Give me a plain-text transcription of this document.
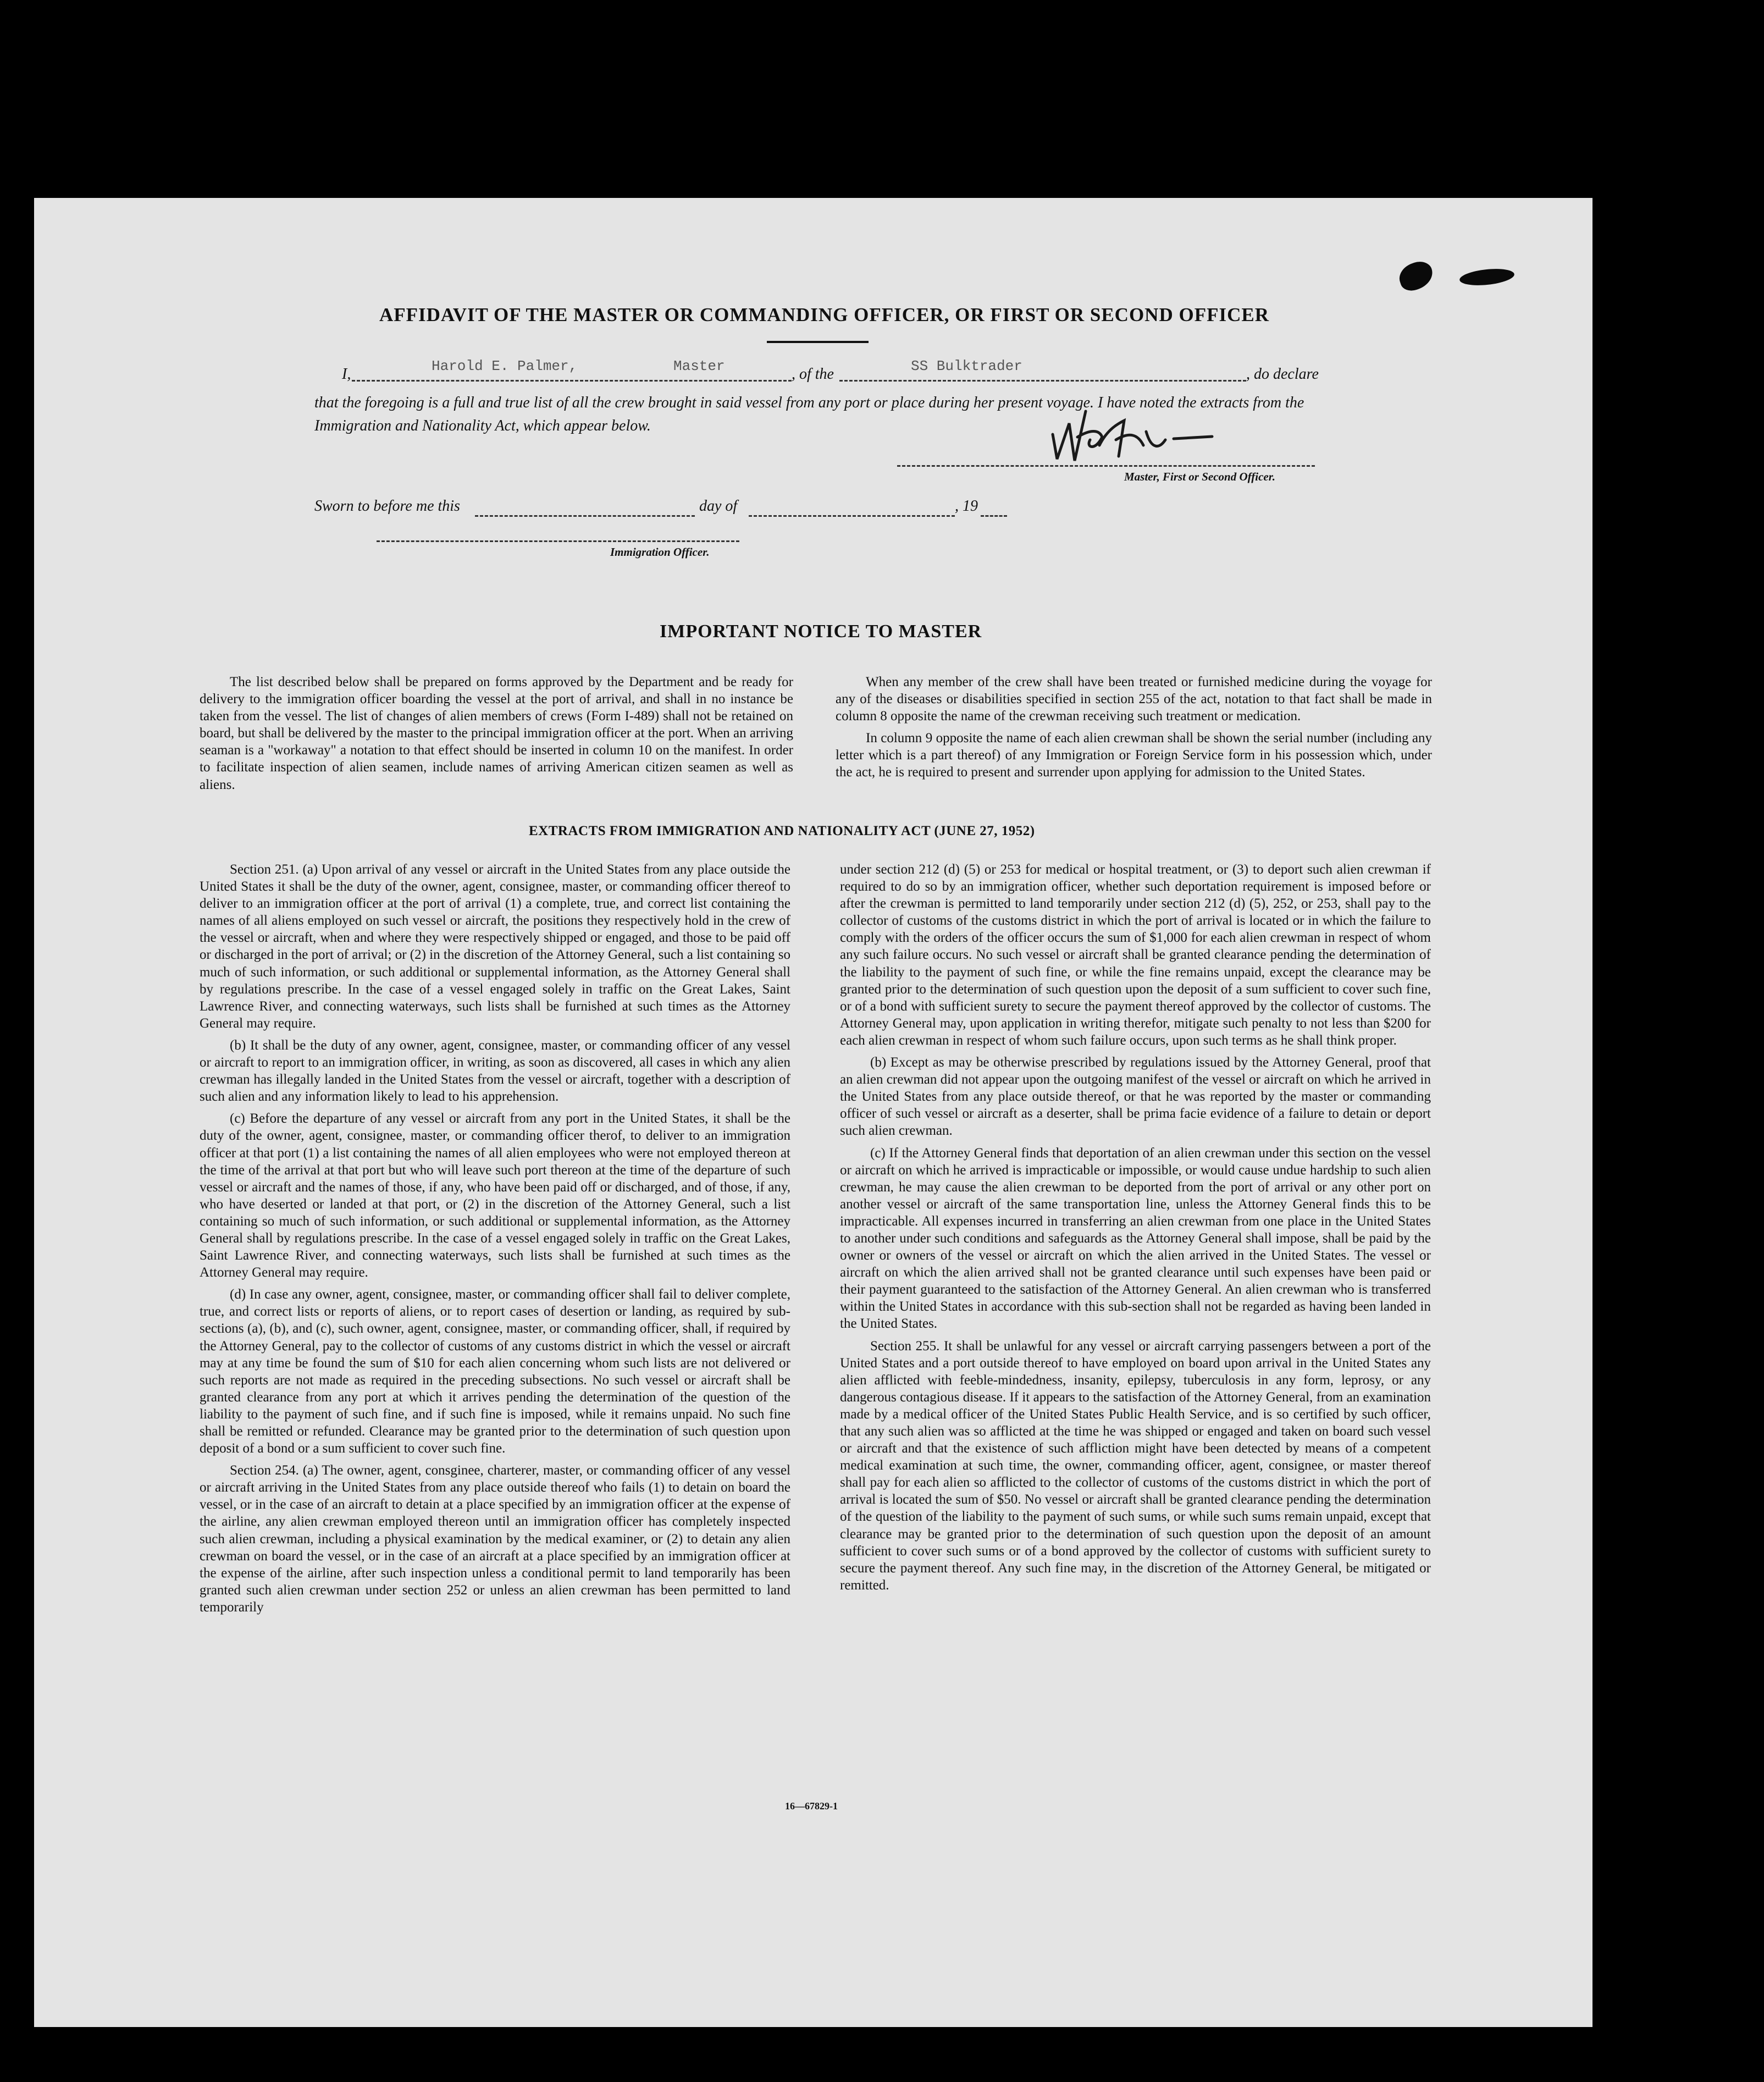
AFFIDAVIT OF THE MASTER OR COMMANDING OFFICER, OR FIRST OR SECOND OFFICER
I,	Harold E. Palmer,	Master	, of the	SS Bulktrader	, do declare
that the foregoing is a full and true list of all the crew brought in said vessel from any port or place during her present voyage. I have noted the extracts from the Immigration and Nationality Act, which appear below.
Master, First or Second Officer.
Sworn to before me this	day of	, 19
Immigration Officer.
IMPORTANT NOTICE TO MASTER

The list described below shall be prepared on forms approved by the Department and be ready for delivery to the immigration officer boarding the vessel at the port of arrival, and shall in no instance be taken from the vessel. The list of changes of alien members of crews (Form I-489) shall not be retained on board, but shall be delivered by the master to the principal immigration officer at the port. When an arriving seaman is a "workaway" a notation to that effect should be inserted in column 10 on the manifest. In order to facilitate inspection of alien seamen, include names of arriving American citizen seamen as well as aliens.

When any member of the crew shall have been treated or furnished medicine during the voyage for any of the diseases or disabilities specified in section 255 of the act, notation to that fact shall be made in column 8 opposite the name of the crewman receiving such treatment or medication.

In column 9 opposite the name of each alien crewman shall be shown the serial number (including any letter which is a part thereof) of any Immigration or Foreign Service form in his possession which, under the act, he is required to present and surrender upon applying for admission to the United States.

EXTRACTS FROM IMMIGRATION AND NATIONALITY ACT (JUNE 27, 1952)

Section 251. (a) Upon arrival of any vessel or aircraft in the United States from any place outside the United States it shall be the duty of the owner, agent, consignee, master, or commanding officer thereof to deliver to an immigration officer at the port of arrival (1) a complete, true, and correct list containing the names of all aliens employed on such vessel or aircraft, the positions they respectively hold in the crew of the vessel or aircraft, when and where they were respectively shipped or engaged, and those to be paid off or discharged in the port of arrival; or (2) in the discretion of the Attorney General, such a list containing so much of such information, or such additional or supplemental information, as the Attorney General shall by regulations prescribe. In the case of a vessel engaged solely in traffic on the Great Lakes, Saint Lawrence River, and connecting waterways, such lists shall be furnished at such times as the Attorney General may require.

(b) It shall be the duty of any owner, agent, consignee, master, or commanding officer of any vessel or aircraft to report to an immigration officer, in writing, as soon as discovered, all cases in which any alien crewman has illegally landed in the United States from the vessel or aircraft, together with a description of such alien and any information likely to lead to his apprehension.

(c) Before the departure of any vessel or aircraft from any port in the United States, it shall be the duty of the owner, agent, consignee, master, or commanding officer therof, to deliver to an immigration officer at that port (1) a list containing the names of all alien employees who were not employed thereon at the time of the arrival at that port but who will leave such port thereon at the time of the departure of such vessel or aircraft and the names of those, if any, who have been paid off or discharged, and of those, if any, who have deserted or landed at that port, or (2) in the discretion of the Attorney General, such a list containing so much of such information, or such additional or supplemental information, as the Attorney General shall by regulations prescribe. In the case of a vessel engaged solely in traffic on the Great Lakes, Saint Lawrence River, and connecting waterways, such lists shall be furnished at such times as the Attorney General may require.

(d) In case any owner, agent, consignee, master, or commanding officer shall fail to deliver complete, true, and correct lists or reports of aliens, or to report cases of desertion or landing, as required by sub-sections (a), (b), and (c), such owner, agent, consignee, master, or commanding officer, shall, if required by the Attorney General, pay to the collector of customs of any customs district in which the vessel or aircraft may at any time be found the sum of $10 for each alien concerning whom such lists are not delivered or such reports are not made as required in the preceding subsections. No such vessel or aircraft shall be granted clearance from any port at which it arrives pending the determination of the question of the liability to the payment of such fine, and if such fine is imposed, while it remains unpaid. No such fine shall be remitted or refunded. Clearance may be granted prior to the determination of such question upon deposit of a bond or a sum sufficient to cover such fine.

Section 254. (a) The owner, agent, consginee, charterer, master, or commanding officer of any vessel or aircraft arriving in the United States from any place outside thereof who fails (1) to detain on board the vessel, or in the case of an aircraft to detain at a place specified by an immigration officer at the expense of the airline, any alien crewman employed thereon until an immigration officer has completely inspected such alien crewman, including a physical examination by the medical examiner, or (2) to detain any alien crewman on board the vessel, or in the case of an aircraft at a place specified by an immigration officer at the expense of the airline, after such inspection unless a conditional permit to land temporarily has been granted such alien crewman under section 252 or unless an alien crewman has been permitted to land temporarily

under section 212 (d) (5) or 253 for medical or hospital treatment, or (3) to deport such alien crewman if required to do so by an immigration officer, whether such deportation requirement is imposed before or after the crewman is permitted to land temporarily under section 212 (d) (5), 252, or 253, shall pay to the collector of customs of the customs district in which the port of arrival is located or in which the failure to comply with the orders of the officer occurs the sum of $1,000 for each alien crewman in respect of whom any such failure occurs. No such vessel or aircraft shall be granted clearance pending the determination of the liability to the payment of such fine, or while the fine remains unpaid, except the clearance may be granted prior to the determination of such question upon the deposit of a sum sufficient to cover such fine, or of a bond with sufficient surety to secure the payment thereof approved by the collector of customs. The Attorney General may, upon application in writing therefor, mitigate such penalty to not less than $200 for each alien crewman in respect of whom such failure occurs, upon such terms as he shall think proper.

(b) Except as may be otherwise prescribed by regulations issued by the Attorney General, proof that an alien crewman did not appear upon the outgoing manifest of the vessel or aircraft on which he arrived in the United States from any place outside thereof, or that he was reported by the master or commanding officer of such vessel or aircraft as a deserter, shall be prima facie evidence of a failure to detain or deport such alien crewman.

(c) If the Attorney General finds that deportation of an alien crewman under this section on the vessel or aircraft on which he arrived is impracticable or impossible, or would cause undue hardship to such alien crewman, he may cause the alien crewman to be deported from the port of arrival or any other port on another vessel or aircraft of the same transportation line, unless the Attorney General finds this to be impracticable. All expenses incurred in transferring an alien crewman from one place in the United States to another under such conditions and safeguards as the Attorney General shall impose, shall be paid by the owner or owners of the vessel or aircraft on which the alien arrived in the United States. The vessel or aircraft on which the alien arrived shall not be granted clearance until such expenses have been paid or their payment guaranteed to the satisfaction of the Attorney General. An alien crewman who is transferred within the United States in accordance with this sub-section shall not be regarded as having been landed in the United States.

Section 255. It shall be unlawful for any vessel or aircraft carrying passengers between a port of the United States and a port outside thereof to have employed on board upon arrival in the United States any alien afflicted with feeble-mindedness, insanity, epilepsy, tuberculosis in any form, leprosy, or any dangerous contagious disease. If it appears to the satisfaction of the Attorney General, from an examination made by a medical officer of the United States Public Health Service, and is so certified by such officer, that any such alien was so afflicted at the time he was shipped or engaged and taken on board such vessel or aircraft and that the existence of such affliction might have been detected by means of a competent medical examination at such time, the owner, commanding officer, agent, consignee, or master thereof shall pay for each alien so afflicted to the collector of customs of the customs district in which the port of arrival is located the sum of $50. No vessel or aircraft shall be granted clearance pending the determination of the question of the liability to the payment of such sums, or while such sums remain unpaid, except that clearance may be granted prior to the determination of such question upon the deposit of an amount sufficient to cover such sums or of a bond approved by the collector of customs with sufficient surety to secure the payment thereof. Any such fine may, in the discretion of the Attorney General, be mitigated or remitted.

16—67829-1
